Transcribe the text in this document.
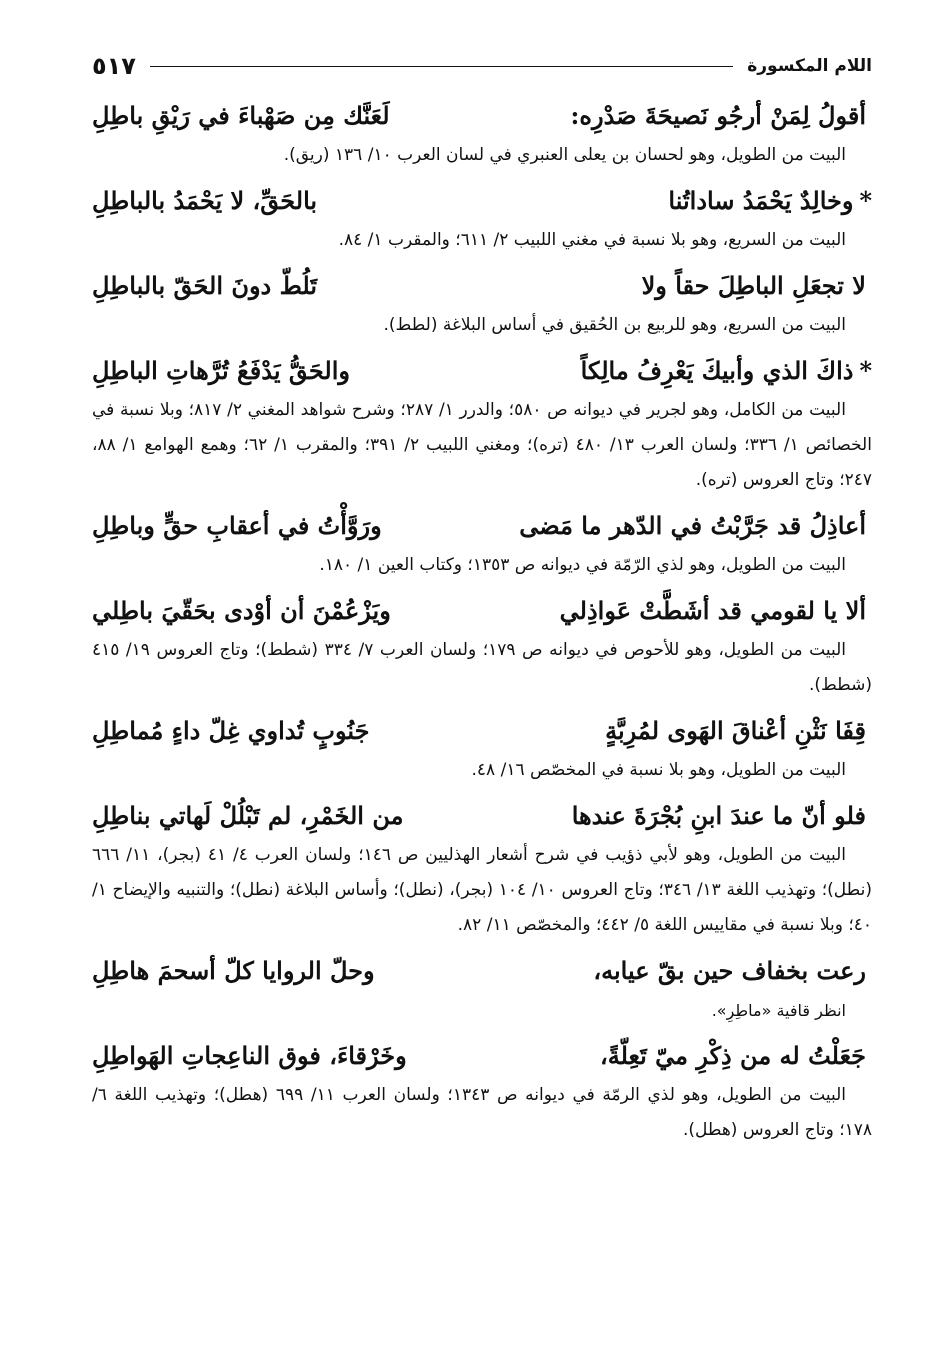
اللام المكسورة
٥١٧
أقولُ لِمَنْ أرجُو نَصيحَةَ صَدْرِه:
لَعَنَّك مِن صَهْباءَ في رَيْقِ باطِلِ

البيت من الطويل، وهو لحسان بن يعلى العنبري في لسان العرب ١٠/ ١٣٦ (ريق).

*وخالِدٌ يَحْمَدُ ساداتُنا
بالحَقِّ، لا يَحْمَدُ بالباطِلِ

البيت من السريع، وهو بلا نسبة في مغني اللبيب ٢/ ٦١١؛ والمقرب ١/ ٨٤.

لا تجعَلِ الباطِلَ حقاً ولا
تَلُطّ دونَ الحَقّ بالباطِلِ

البيت من السريع، وهو للربيع بن الحُقيق في أساس البلاغة (لطط).

*ذاكَ الذي وأبيكَ يَعْرِفُ مالِكاً
والحَقُّ يَدْفَعُ تُرَّهاتِ الباطِلِ

البيت من الكامل، وهو لجرير في ديوانه ص ٥٨٠؛ والدرر ١/ ٢٨٧؛ وشرح شواهد المغني ٢/ ٨١٧؛ وبلا نسبة في الخصائص ١/ ٣٣٦؛ ولسان العرب ١٣/ ٤٨٠ (تره)؛ ومغني اللبيب ٢/ ٣٩١؛ والمقرب ١/ ٦٢؛ وهمع الهوامع ١/ ٨٨، ٢٤٧؛ وتاج العروس (تره).

أعاذِلُ قد جَرَّبْتُ في الدّهر ما مَضى
ورَوَّأْتُ في أعقابِ حقٍّ وباطِلِ

البيت من الطويل، وهو لذي الرّمّة في ديوانه ص ١٣٥٣؛ وكتاب العين ١/ ١٨٠.

ألا يا لقومي قد أشَطَّتْ عَواذِلي
ويَزْعُمْنَ أن أوْدى بحَقّيَ باطِلي

البيت من الطويل، وهو للأحوص في ديوانه ص ١٧٩؛ ولسان العرب ٧/ ٣٣٤ (شطط)؛ وتاج العروس ١٩/ ٤١٥ (شطط).

قِفَا نَثْنِ أعْناقَ الهَوى لمُرِبَّةٍ
جَنُوبٍ تُداوي غِلّ داءٍ مُماطِلِ

البيت من الطويل، وهو بلا نسبة في المخصّص ١٦/ ٤٨.

فلو أنّ ما عندَ ابنِ بُجْرَةَ عندها
من الخَمْرِ، لم تَبْلُلْ لَهاتي بناطِلِ

البيت من الطويل، وهو لأبي ذؤيب في شرح أشعار الهذليين ص ١٤٦؛ ولسان العرب ٤/ ٤١ (بجر)، ١١/ ٦٦٦ (نطل)؛ وتهذيب اللغة ١٣/ ٣٤٦؛ وتاج العروس ١٠/ ١٠٤ (بجر)، (نطل)؛ وأساس البلاغة (نطل)؛ والتنبيه والإيضاح ١/ ٤٠؛ وبلا نسبة في مقاييس اللغة ٥/ ٤٤٢؛ والمخصّص ١١/ ٨٢.

رعت بخفاف حين بقّ عيابه،
وحلّ الروايا كلّ أسحمَ هاطِلِ

انظر قافية «ماطِرِ».

جَعَلْتُ له من ذِكْرِ ميّ تَعِلّةً،
وخَرْقاءَ، فوق الناعِجاتِ الهَواطِلِ

البيت من الطويل، وهو لذي الرمّة في ديوانه ص ١٣٤٣؛ ولسان العرب ١١/ ٦٩٩ (هطل)؛ وتهذيب اللغة ٦/ ١٧٨؛ وتاج العروس (هطل).
